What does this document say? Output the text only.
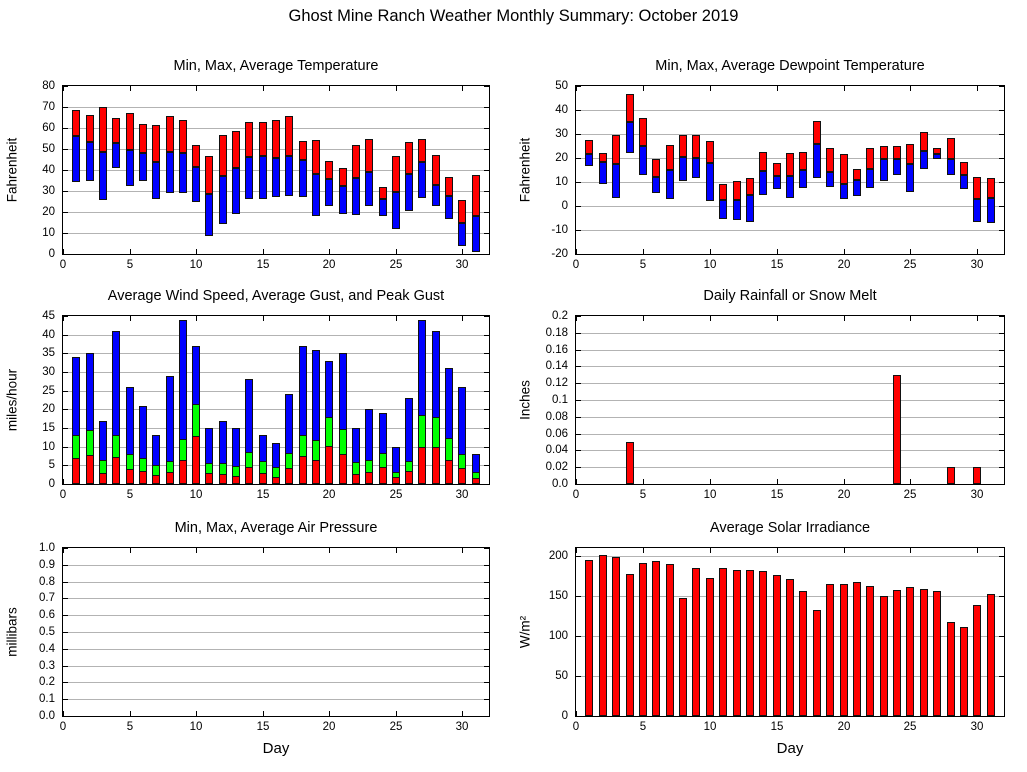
Ghost Mine Ranch Weather Monthly Summary: October 2019
Min, Max, Average Temperature
Fahrenheit
0
10
20
30
40
50
60
70
80
0	5	10	15	20	25	30
Min, Max, Average Dewpoint Temperature
Fahrenheit
-20
-10
0
10
20
30
40
50
0	5	10	15	20	25	30
Average Wind Speed, Average Gust, and Peak Gust
miles/hour
0
5
10
15
20
25
30
35
40
45
0	5	10	15	20	25	30
Daily Rainfall or Snow Melt
Inches
0.0
0.02
0.04
0.06
0.08
0.1
0.12
0.14
0.16
0.18
0.2
0	5	10	15	20	25	30
Min, Max, Average Air Pressure
millibars
0.0
0.1
0.2
0.3
0.4
0.5
0.6
0.7
0.8
0.9
1.0
0	5	10	15	20	25	30
Day
Average Solar Irradiance
W/m²
0
50
100
150
200
0	5	10	15	20	25	30
Day
